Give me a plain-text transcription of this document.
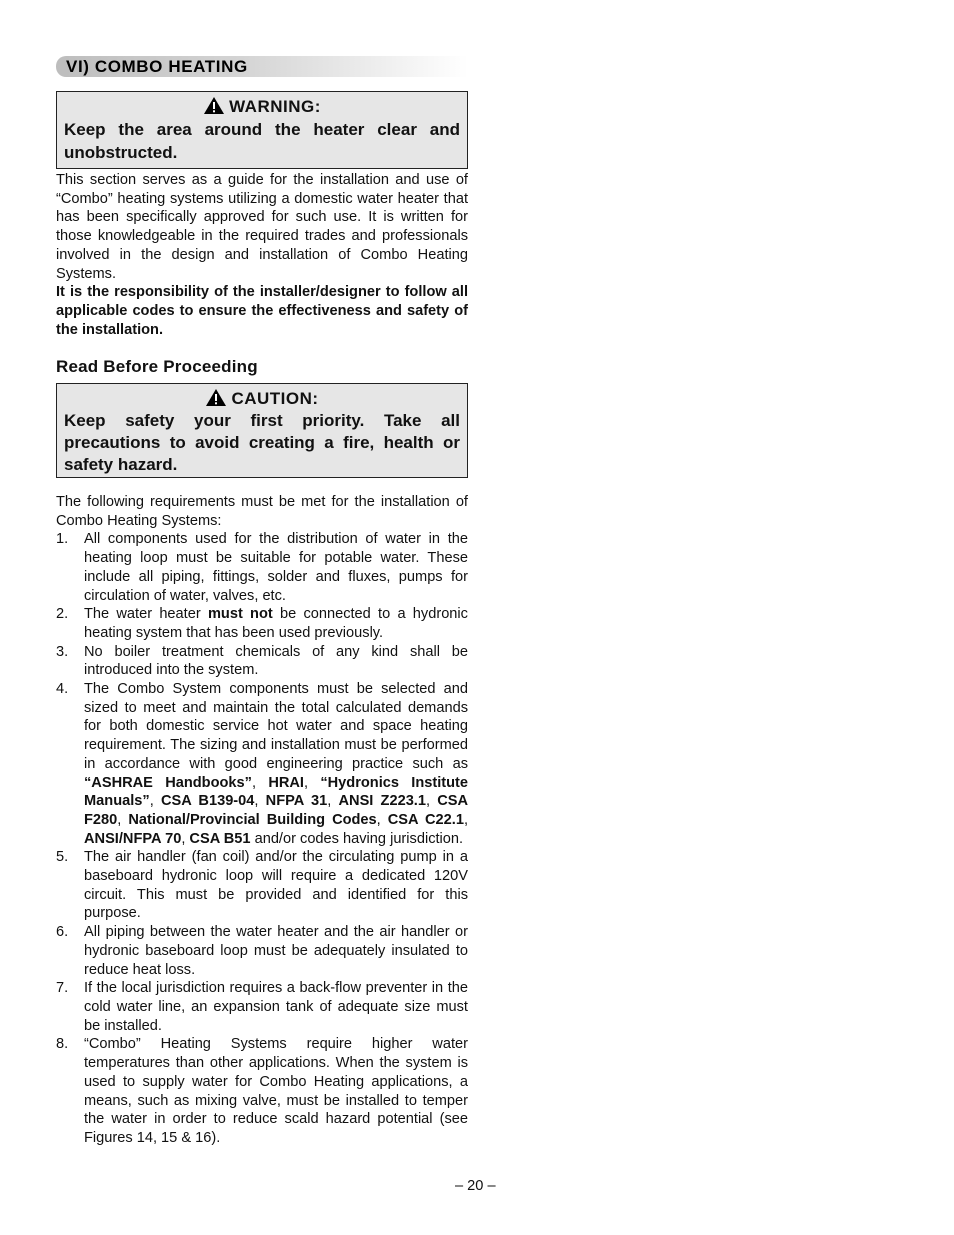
VI) COMBO HEATING
WARNING:
Keep the area around the heater clear and unobstructed.

This section serves as a guide for the installation and use of “Combo” heating systems utilizing a domestic water heater that has been specifically approved for such use. It is written for those knowledgeable in the required trades and professionals involved in the design and installation of Combo Heating Systems.

It is the responsibility of the installer/designer to follow all applicable codes to ensure the effectiveness and safety of the installation.

Read Before Proceeding
CAUTION:
Keep safety your first priority. Take all precautions to avoid creating a fire, health or safety hazard.

The following requirements must be met for the installation of Combo Heating Systems:

1. All components used for the distribution of water in the heating loop must be suitable for potable water. These include all piping, fittings, solder and fluxes, pumps for circulation of water, valves, etc.
2. The water heater must not be connected to a hydronic heating system that has been used previously.
3. No boiler treatment chemicals of any kind shall be introduced into the system.
4. The Combo System components must be selected and sized to meet and maintain the total calculated demands for both domestic service hot water and space heating requirement. The sizing and installation must be performed in accordance with good engineering practice such as “ASHRAE Handbooks”, HRAI, “Hydronics Institute Manuals”, CSA B139-04, NFPA 31, ANSI Z223.1, CSA F280, National/Provincial Building Codes, CSA C22.1, ANSI/NFPA 70, CSA B51 and/or codes having jurisdiction.
5. The air handler (fan coil) and/or the circulating pump in a baseboard hydronic loop will require a dedicated 120V circuit. This must be provided and identified for this purpose.
6. All piping between the water heater and the air handler or hydronic baseboard loop must be adequately insulated to reduce heat loss.
7. If the local jurisdiction requires a back-flow preventer in the cold water line, an expansion tank of adequate size must be installed.
8. “Combo” Heating Systems require higher water temperatures than other applications. When the system is used to supply water for Combo Heating applications, a means, such as mixing valve, must be installed to temper the water in order to reduce scald hazard potential (see Figures 14, 15 & 16).
– 20 –
